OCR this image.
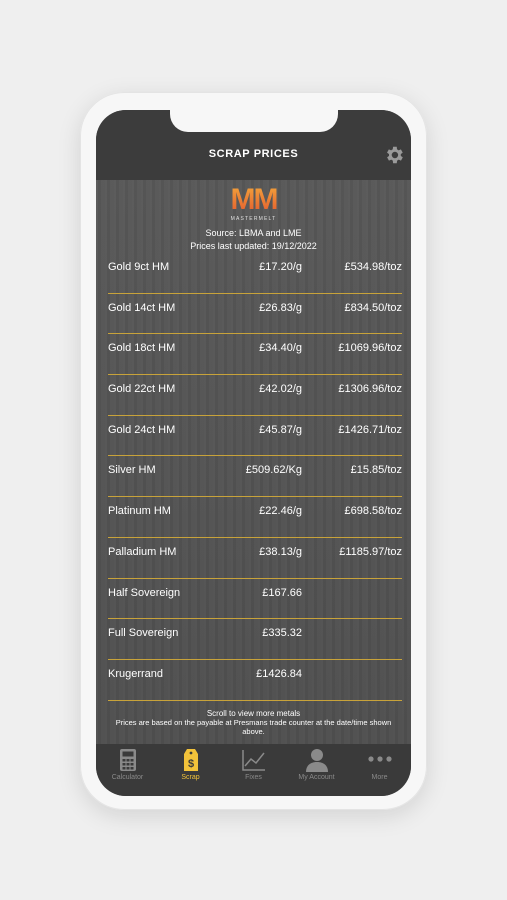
SCRAP PRICES
MM
MASTERMELT
Source: LBMA and LME
Prices last updated: 19/12/2022
Gold 9ct HM	£17.20/g	£534.98/toz
Gold 14ct HM	£26.83/g	£834.50/toz
Gold 18ct HM	£34.40/g	£1069.96/toz
Gold 22ct HM	£42.02/g	£1306.96/toz
Gold 24ct HM	£45.87/g	£1426.71/toz
Silver HM	£509.62/Kg	£15.85/toz
Platinum HM	£22.46/g	£698.58/toz
Palladium HM	£38.13/g	£1185.97/toz
Half Sovereign	£167.66
Full Sovereign	£335.32
Krugerrand	£1426.84
Scroll to view more metals
Prices are based on the payable at Presmans trade counter at the date/time shown above.
Calculator
$
Scrap	Fixes	My Account	More
